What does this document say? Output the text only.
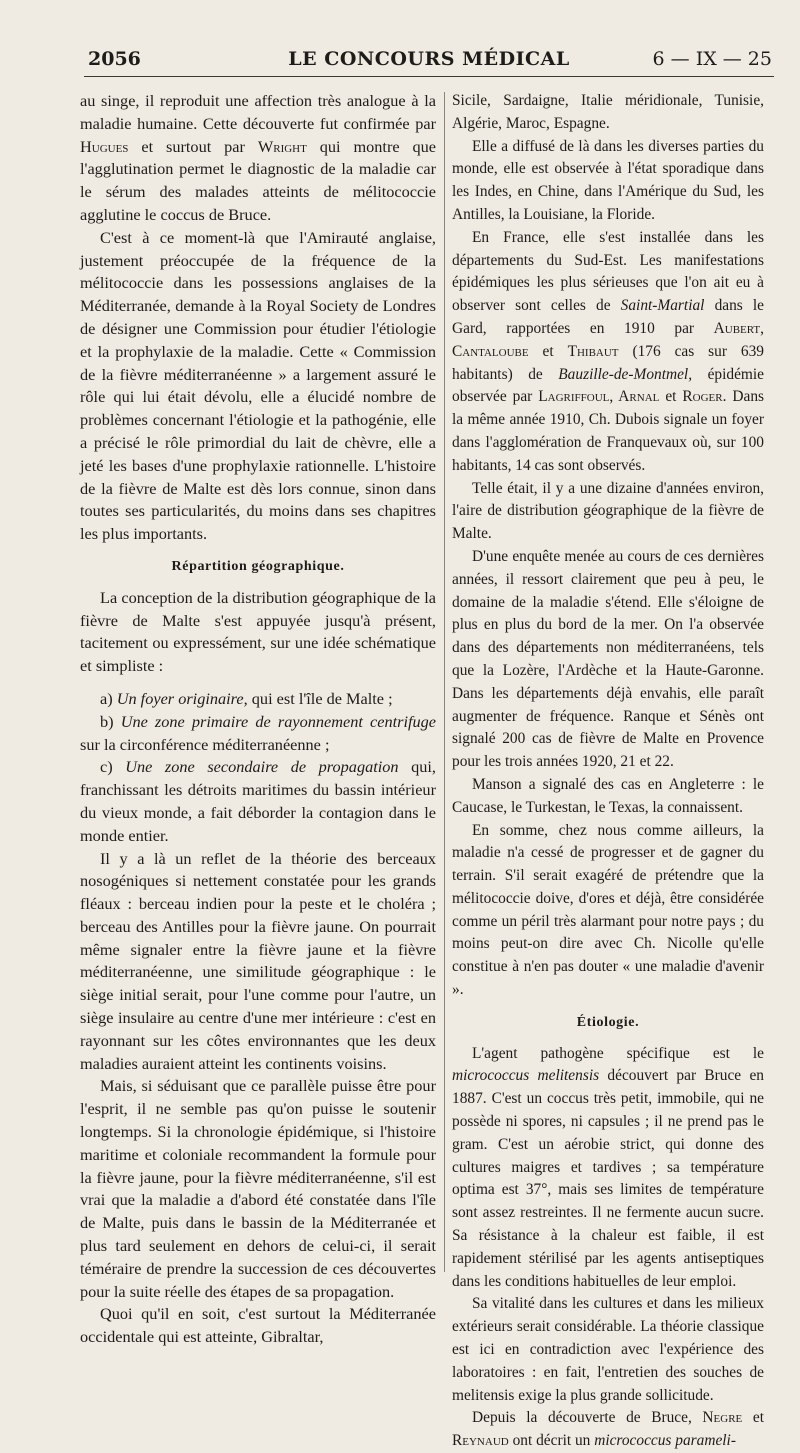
2056	LE CONCOURS MÉDICAL	6 — IX — 25

au singe, il reproduit une affection très analogue à la maladie humaine. Cette découverte fut confirmée par Hugues et surtout par Wright qui montre que l'agglutination permet le diagnostic de la maladie car le sérum des malades atteints de mélitococcie agglutine le coccus de Bruce.

C'est à ce moment-là que l'Amirauté anglaise, justement préoccupée de la fréquence de la mélitococcie dans les possessions anglaises de la Méditerranée, demande à la Royal Society de Londres de désigner une Commission pour étudier l'étiologie et la prophylaxie de la maladie. Cette « Commission de la fièvre méditerranéenne » a largement assuré le rôle qui lui était dévolu, elle a élucidé nombre de problèmes concernant l'étiologie et la pathogénie, elle a précisé le rôle primordial du lait de chèvre, elle a jeté les bases d'une prophylaxie rationnelle. L'histoire de la fièvre de Malte est dès lors connue, sinon dans toutes ses particularités, du moins dans ses chapitres les plus importants.

Répartition géographique.

La conception de la distribution géographique de la fièvre de Malte s'est appuyée jusqu'à présent, tacitement ou expressément, sur une idée schématique et simpliste :

a) Un foyer originaire, qui est l'île de Malte ;

b) Une zone primaire de rayonnement centrifuge sur la circonférence méditerranéenne ;

c) Une zone secondaire de propagation qui, franchissant les détroits maritimes du bassin intérieur du vieux monde, a fait déborder la contagion dans le monde entier.

Il y a là un reflet de la théorie des berceaux nosogéniques si nettement constatée pour les grands fléaux : berceau indien pour la peste et le choléra ; berceau des Antilles pour la fièvre jaune. On pourrait même signaler entre la fièvre jaune et la fièvre méditerranéenne, une similitude géographique : le siège initial serait, pour l'une comme pour l'autre, un siège insulaire au centre d'une mer intérieure : c'est en rayonnant sur les côtes environnantes que les deux maladies auraient atteint les continents voisins.

Mais, si séduisant que ce parallèle puisse être pour l'esprit, il ne semble pas qu'on puisse le soutenir longtemps. Si la chronologie épidémique, si l'histoire maritime et coloniale recommandent la formule pour la fièvre jaune, pour la fièvre méditerranéenne, s'il est vrai que la maladie a d'abord été constatée dans l'île de Malte, puis dans le bassin de la Méditerranée et plus tard seulement en dehors de celui-ci, il serait téméraire de prendre la succession de ces découvertes pour la suite réelle des étapes de sa propagation.

Quoi qu'il en soit, c'est surtout la Méditerranée occidentale qui est atteinte, Gibraltar,

Sicile, Sardaigne, Italie méridionale, Tunisie, Algérie, Maroc, Espagne.

Elle a diffusé de là dans les diverses parties du monde, elle est observée à l'état sporadique dans les Indes, en Chine, dans l'Amérique du Sud, les Antilles, la Louisiane, la Floride.

En France, elle s'est installée dans les départements du Sud-Est. Les manifestations épidémiques les plus sérieuses que l'on ait eu à observer sont celles de Saint-Martial dans le Gard, rapportées en 1910 par Aubert, Cantaloube et Thibaut (176 cas sur 639 habitants) de Bauzille-de-Montmel, épidémie observée par Lagriffoul, Arnal et Roger. Dans la même année 1910, Ch. Dubois signale un foyer dans l'agglomération de Franquevaux où, sur 100 habitants, 14 cas sont observés.

Telle était, il y a une dizaine d'années environ, l'aire de distribution géographique de la fièvre de Malte.

D'une enquête menée au cours de ces dernières années, il ressort clairement que peu à peu, le domaine de la maladie s'étend. Elle s'éloigne de plus en plus du bord de la mer. On l'a observée dans des départements non méditerranéens, tels que la Lozère, l'Ardèche et la Haute-Garonne. Dans les départements déjà envahis, elle paraît augmenter de fréquence. Ranque et Sénès ont signalé 200 cas de fièvre de Malte en Provence pour les trois années 1920, 21 et 22.

Manson a signalé des cas en Angleterre : le Caucase, le Turkestan, le Texas, la connaissent.

En somme, chez nous comme ailleurs, la maladie n'a cessé de progresser et de gagner du terrain. S'il serait exagéré de prétendre que la mélitococcie doive, d'ores et déjà, être considérée comme un péril très alarmant pour notre pays ; du moins peut-on dire avec Ch. Nicolle qu'elle constitue à n'en pas douter « une maladie d'avenir ».

Étiologie.

L'agent pathogène spécifique est le micrococcus melitensis découvert par Bruce en 1887. C'est un coccus très petit, immobile, qui ne possède ni spores, ni capsules ; il ne prend pas le gram. C'est un aérobie strict, qui donne des cultures maigres et tardives ; sa température optima est 37°, mais ses limites de température sont assez restreintes. Il ne fermente aucun sucre. Sa résistance à la chaleur est faible, il est rapidement stérilisé par les agents antiseptiques dans les conditions habituelles de leur emploi.

Sa vitalité dans les cultures et dans les milieux extérieurs serait considérable. La théorie classique est ici en contradiction avec l'expérience des laboratoires : en fait, l'entretien des souches de melitensis exige la plus grande sollicitude.

Depuis la découverte de Bruce, Negre et Reynaud ont décrit un micrococcus parameli-
